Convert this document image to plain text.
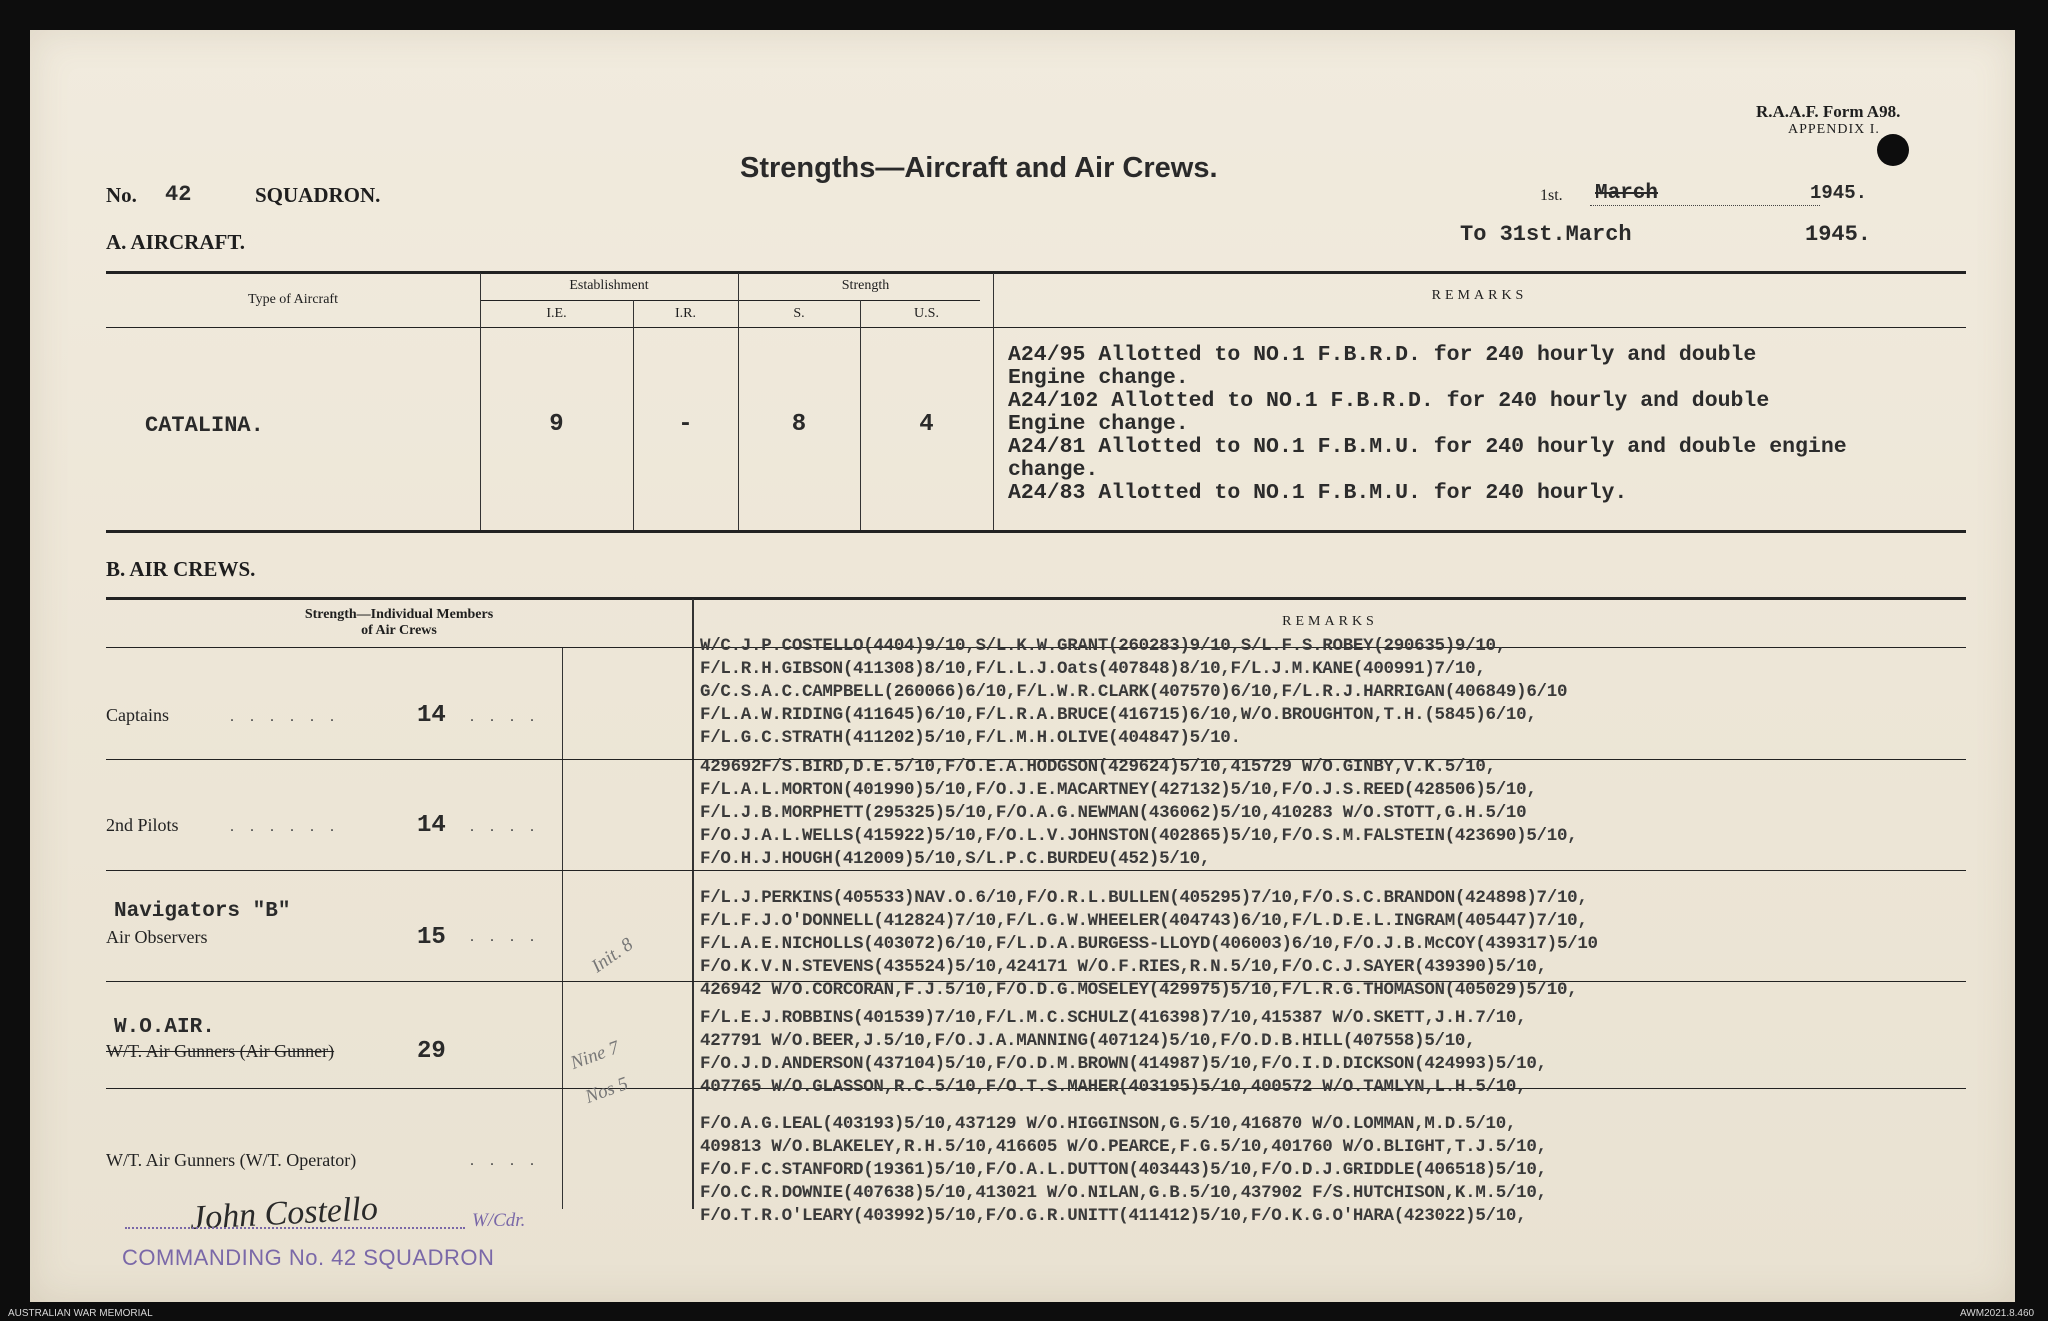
R.A.A.F. Form A98.
APPENDIX I.
Strengths—Aircraft and Air Crews.
No. 42	SQUADRON.	1st. March	1945.
To 31st.March	1945.
A. AIRCRAFT.
Type of Aircraft
Establishment
I.E.	I.R.
Strength
S.	U.S.
REMARKS
CATALINA.	9	-	8	4
A24/95 Allotted to NO.1 F.B.R.D. for 240 hourly and double
Engine change.
A24/102 Allotted to NO.1 F.B.R.D. for 240 hourly and double
Engine change.
A24/81 Allotted to NO.1 F.B.M.U. for 240 hourly and double engine
change.
A24/83 Allotted to NO.1 F.B.M.U. for 240 hourly.
B. AIR CREWS.
Strength—Individual Members
of Air Crews
REMARKS
Captains	. . . . . .	14 . . . .
W/C.J.P.COSTELLO(4404)9/10,S/L.K.W.GRANT(260283)9/10,S/L.F.S.ROBEY(290635)9/10,
F/L.R.H.GIBSON(411308)8/10,F/L.L.J.Oats(407848)8/10,F/L.J.M.KANE(400991)7/10,
G/C.S.A.C.CAMPBELL(260066)6/10,F/L.W.R.CLARK(407570)6/10,F/L.R.J.HARRIGAN(406849)6/10
F/L.A.W.RIDING(411645)6/10,F/L.R.A.BRUCE(416715)6/10,W/O.BROUGHTON,T.H.(5845)6/10,
F/L.G.C.STRATH(411202)5/10,F/L.M.H.OLIVE(404847)5/10.
2nd Pilots	. . . . . .	14 . . . .
429692F/S.BIRD,D.E.5/10,F/O.E.A.HODGSON(429624)5/10,415729 W/O.GINBY,V.K.5/10,
F/L.A.L.MORTON(401990)5/10,F/O.J.E.MACARTNEY(427132)5/10,F/O.J.S.REED(428506)5/10,
F/L.J.B.MORPHETT(295325)5/10,F/O.A.G.NEWMAN(436062)5/10,410283 W/O.STOTT,G.H.5/10
F/O.J.A.L.WELLS(415922)5/10,F/O.L.V.JOHNSTON(402865)5/10,F/O.S.M.FALSTEIN(423690)5/10,
F/O.H.J.HOUGH(412009)5/10,S/L.P.C.BURDEU(452)5/10,
Navigators "B"
Air Observers	15 . . . .
F/L.J.PERKINS(405533)NAV.O.6/10,F/O.R.L.BULLEN(405295)7/10,F/O.S.C.BRANDON(424898)7/10,
F/L.F.J.O'DONNELL(412824)7/10,F/L.G.W.WHEELER(404743)6/10,F/L.D.E.L.INGRAM(405447)7/10,
F/L.A.E.NICHOLLS(403072)6/10,F/L.D.A.BURGESS-LLOYD(406003)6/10,F/O.J.B.McCOY(439317)5/10
F/O.K.V.N.STEVENS(435524)5/10,424171 W/O.F.RIES,R.N.5/10,F/O.C.J.SAYER(439390)5/10,
426942 W/O.CORCORAN,F.J.5/10,F/O.D.G.MOSELEY(429975)5/10,F/L.R.G.THOMASON(405029)5/10,
W.O.AIR.
W/T. Air Gunners (Air Gunner)	29
F/L.E.J.ROBBINS(401539)7/10,F/L.M.C.SCHULZ(416398)7/10,415387 W/O.SKETT,J.H.7/10,
427791 W/O.BEER,J.5/10,F/O.J.A.MANNING(407124)5/10,F/O.D.B.HILL(407558)5/10,
F/O.J.D.ANDERSON(437104)5/10,F/O.D.M.BROWN(414987)5/10,F/O.I.D.DICKSON(424993)5/10,
407765 W/O.GLASSON,R.C.5/10,F/O.T.S.MAHER(403195)5/10,400572 W/O.TAMLYN,L.H.5/10,
W/T. Air Gunners (W/T. Operator)	. . . .
F/O.A.G.LEAL(403193)5/10,437129 W/O.HIGGINSON,G.5/10,416870 W/O.LOMMAN,M.D.5/10,
409813 W/O.BLAKELEY,R.H.5/10,416605 W/O.PEARCE,F.G.5/10,401760 W/O.BLIGHT,T.J.5/10,
F/O.F.C.STANFORD(19361)5/10,F/O.A.L.DUTTON(403443)5/10,F/O.D.J.GRIDDLE(406518)5/10,
F/O.C.R.DOWNIE(407638)5/10,413021 W/O.NILAN,G.B.5/10,437902 F/S.HUTCHISON,K.M.5/10,
F/O.T.R.O'LEARY(403992)5/10,F/O.G.R.UNITT(411412)5/10,F/O.K.G.O'HARA(423022)5/10,
Init. 8
Nine 7
Nos 5
John Costello	W/Cdr.
COMMANDING No. 42 SQUADRON
AUSTRALIAN WAR MEMORIAL	AWM2021.8.460
